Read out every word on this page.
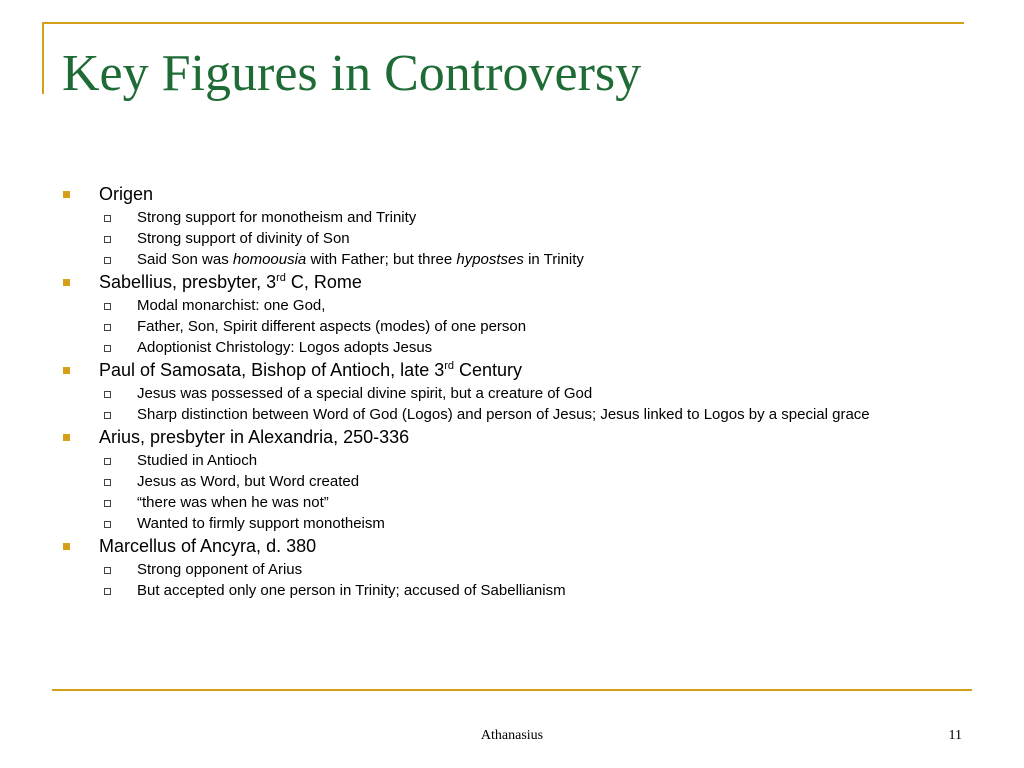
Key Figures in Controversy
Origen
Strong support for monotheism and Trinity
Strong support of divinity of Son
Said Son was homoousia with Father; but three hypostses in Trinity
Sabellius, presbyter, 3rd C, Rome
Modal monarchist: one God,
Father, Son, Spirit different aspects (modes) of one person
Adoptionist Christology: Logos adopts Jesus
Paul of Samosata, Bishop of Antioch, late 3rd Century
Jesus was possessed of a special divine spirit, but a creature of God
Sharp distinction between Word of God (Logos) and person of Jesus; Jesus linked to Logos by a special grace
Arius, presbyter in Alexandria, 250-336
Studied in Antioch
Jesus as Word, but Word created
“there was when he was not”
Wanted to firmly support monotheism
Marcellus of Ancyra, d. 380
Strong opponent of Arius
But accepted only one person in Trinity; accused of Sabellianism
Athanasius	11
